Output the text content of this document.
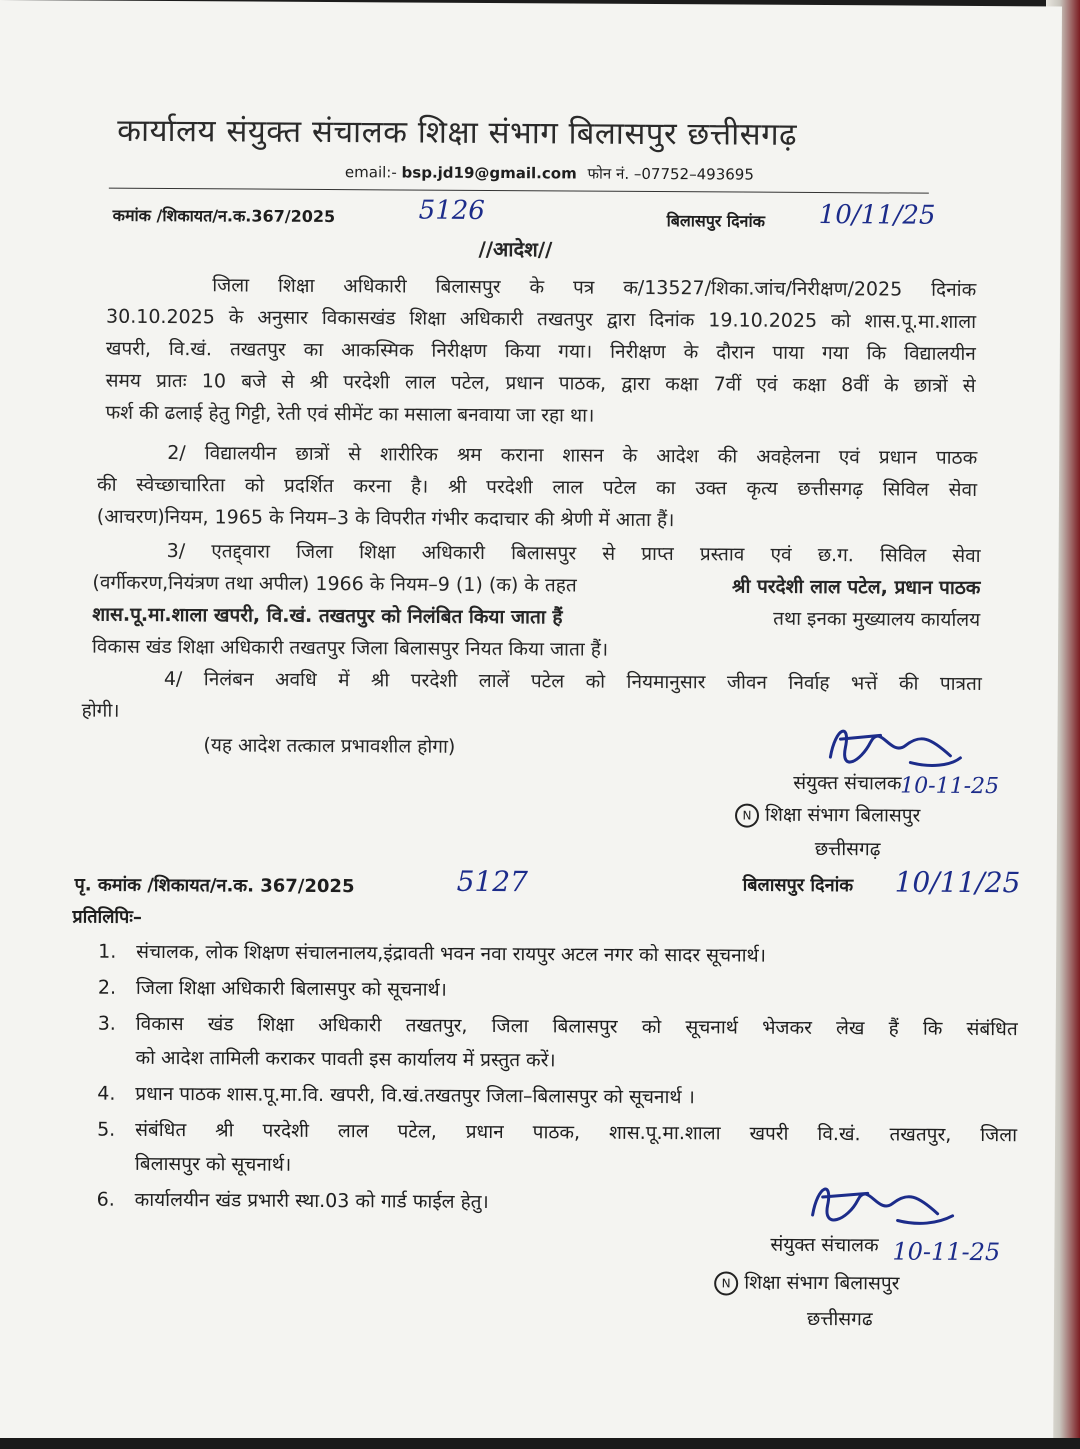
कार्यालय संयुक्त संचालक शिक्षा संभाग बिलासपुर छत्तीसगढ़
email:- bsp.jd19@gmail.com फोन नं. –07752–493695
कमांक /शिकायत/न.क.367/2025	5126	बिलासपुर दिनांक 10/11/25
//आदेश//
जिला शिक्षा अधिकारी बिलासपुर के पत्र क/13527/शिका.जांच/निरीक्षण/2025 दिनांक
30.10.2025 के अनुसार विकासखंड शिक्षा अधिकारी तखतपुर द्वारा दिनांक 19.10.2025 को शास.पू.मा.शाला
खपरी, वि.खं. तखतपुर का आकस्मिक निरीक्षण किया गया। निरीक्षण के दौरान पाया गया कि विद्यालयीन
समय प्रातः 10 बजे से श्री परदेशी लाल पटेल, प्रधान पाठक, द्वारा कक्षा 7वीं एवं कक्षा 8वीं के छात्रों से
फर्श की ढलाई हेतु गिट्टी, रेती एवं सीमेंट का मसाला बनवाया जा रहा था।
2/ विद्यालयीन छात्रों से शारीरिक श्रम कराना शासन के आदेश की अवहेलना एवं प्रधान पाठक
की स्वेच्छाचारिता को प्रदर्शित करना है। श्री परदेशी लाल पटेल का उक्त कृत्य छत्तीसगढ़ सिविल सेवा
(आचरण)नियम, 1965 के नियम–3 के विपरीत गंभीर कदाचार की श्रेणी में आता हैं।
3/ एतद्द्वारा जिला शिक्षा अधिकारी बिलासपुर से प्राप्त प्रस्ताव एवं छ.ग. सिविल सेवा
(वर्गीकरण,नियंत्रण तथा अपील) 1966 के नियम–9 (1) (क) के तहत	श्री परदेशी लाल पटेल, प्रधान पाठक
शास.पू.मा.शाला खपरी, वि.खं. तखतपुर को निलंबित किया जाता हैं	तथा इनका मुख्यालय कार्यालय
विकास खंड शिक्षा अधिकारी तखतपुर जिला बिलासपुर नियत किया जाता हैं।
4/ निलंबन अवधि में श्री परदेशी लालें पटेल को नियमानुसार जीवन निर्वाह भत्तें की पात्रता
होगी।
(यह आदेश तत्काल प्रभावशील होगा)
संयुक्त संचालक
10-11-25
N शिक्षा संभाग बिलासपुर
छत्तीसगढ़
पृ. कमांक /शिकायत/न.क. 367/2025	5127	बिलासपुर दिनांक 10/11/25
प्रतिलिपिः–
1.	संचालक, लोक शिक्षण संचालनालय,इंद्रावती भवन नवा रायपुर अटल नगर को सादर सूचनार्थ।
2.	जिला शिक्षा अधिकारी बिलासपुर को सूचनार्थ।
3.	विकास खंड शिक्षा अधिकारी तखतपुर, जिला बिलासपुर को सूचनार्थ भेजकर लेख हैं कि संबंधित
को आदेश तामिली कराकर पावती इस कार्यालय में प्रस्तुत करें।
4.	प्रधान पाठक शास.पू.मा.वि. खपरी, वि.खं.तखतपुर जिला–बिलासपुर को सूचनार्थ ।
5.	संबंधित श्री परदेशी लाल पटेल, प्रधान पाठक, शास.पू.मा.शाला खपरी वि.खं. तखतपुर, जिला
बिलासपुर को सूचनार्थ।
6.	कार्यालयीन खंड प्रभारी स्था.03 को गार्ड फाईल हेतु।
संयुक्त संचालक 10-11-25
N शिक्षा संभाग बिलासपुर
छत्तीसगढ
